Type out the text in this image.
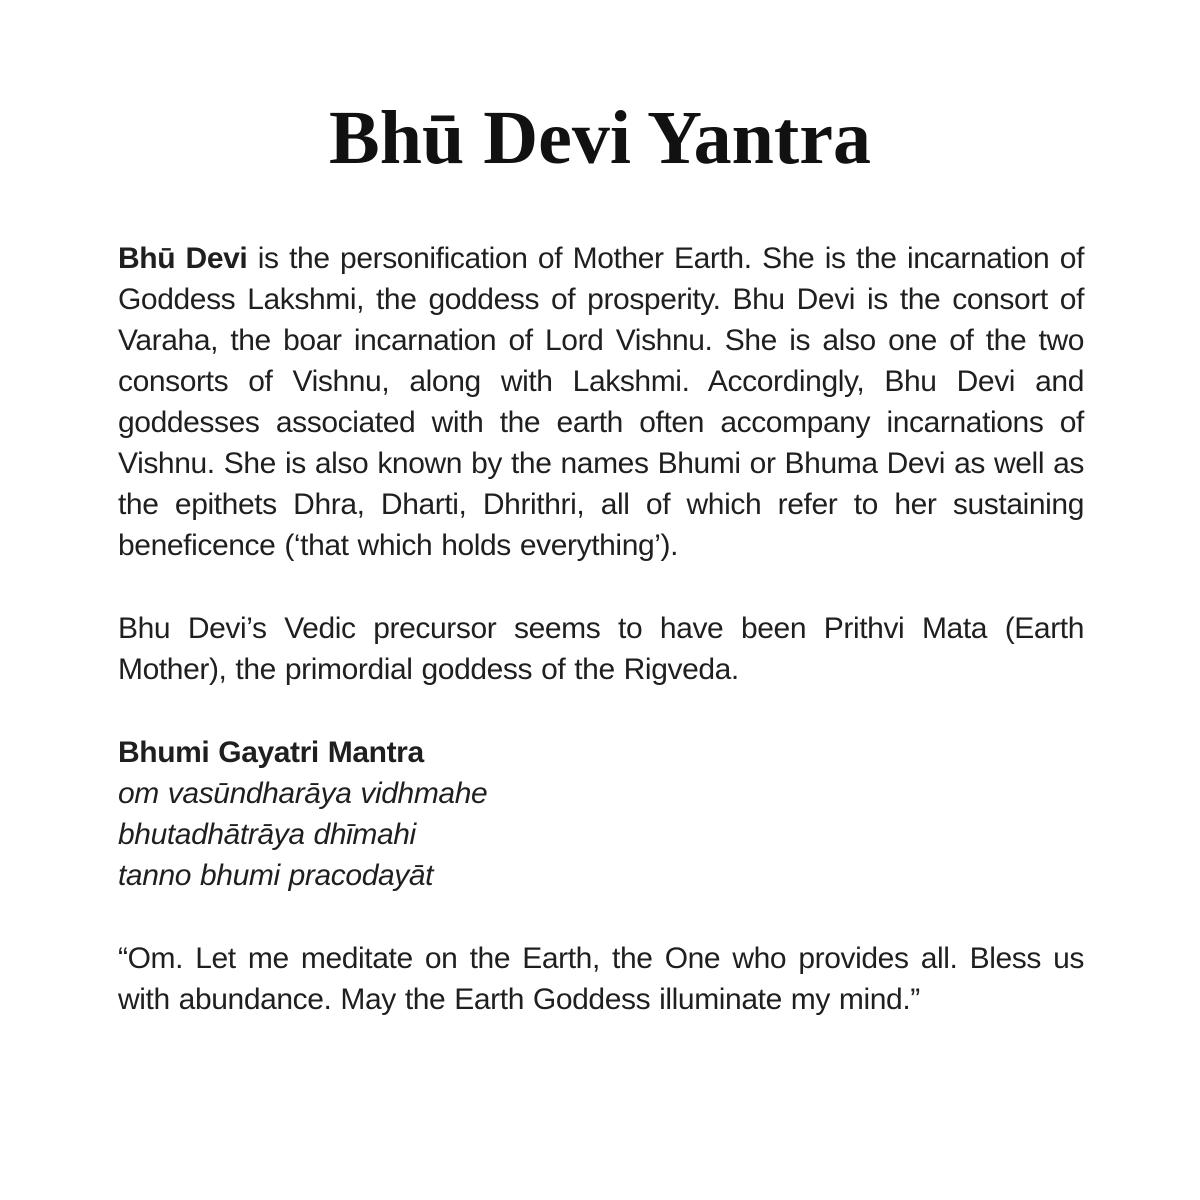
Bhū Devi Yantra

Bhū Devi is the personification of Mother Earth. She is the incarnation of Goddess Lakshmi, the goddess of prosperity. Bhu Devi is the consort of Varaha, the boar incarnation of Lord Vishnu. She is also one of the two consorts of Vishnu, along with Lakshmi. Accordingly, Bhu Devi and goddesses associated with the earth often accompany incarnations of Vishnu. She is also known by the names Bhumi or Bhuma Devi as well as the epithets Dhra, Dharti, Dhrithri, all of which refer to her sustaining beneficence (‘that which holds everything’).

Bhu Devi’s Vedic precursor seems to have been Prithvi Mata (Earth Mother), the primordial goddess of the Rigveda.

Bhumi Gayatri Mantra

om vasūndharāya vidhmahe

bhutadhātrāya dhīmahi

tanno bhumi pracodayāt

“Om. Let me meditate on the Earth, the One who provides all. Bless us with abundance. May the Earth Goddess illuminate my mind.”
